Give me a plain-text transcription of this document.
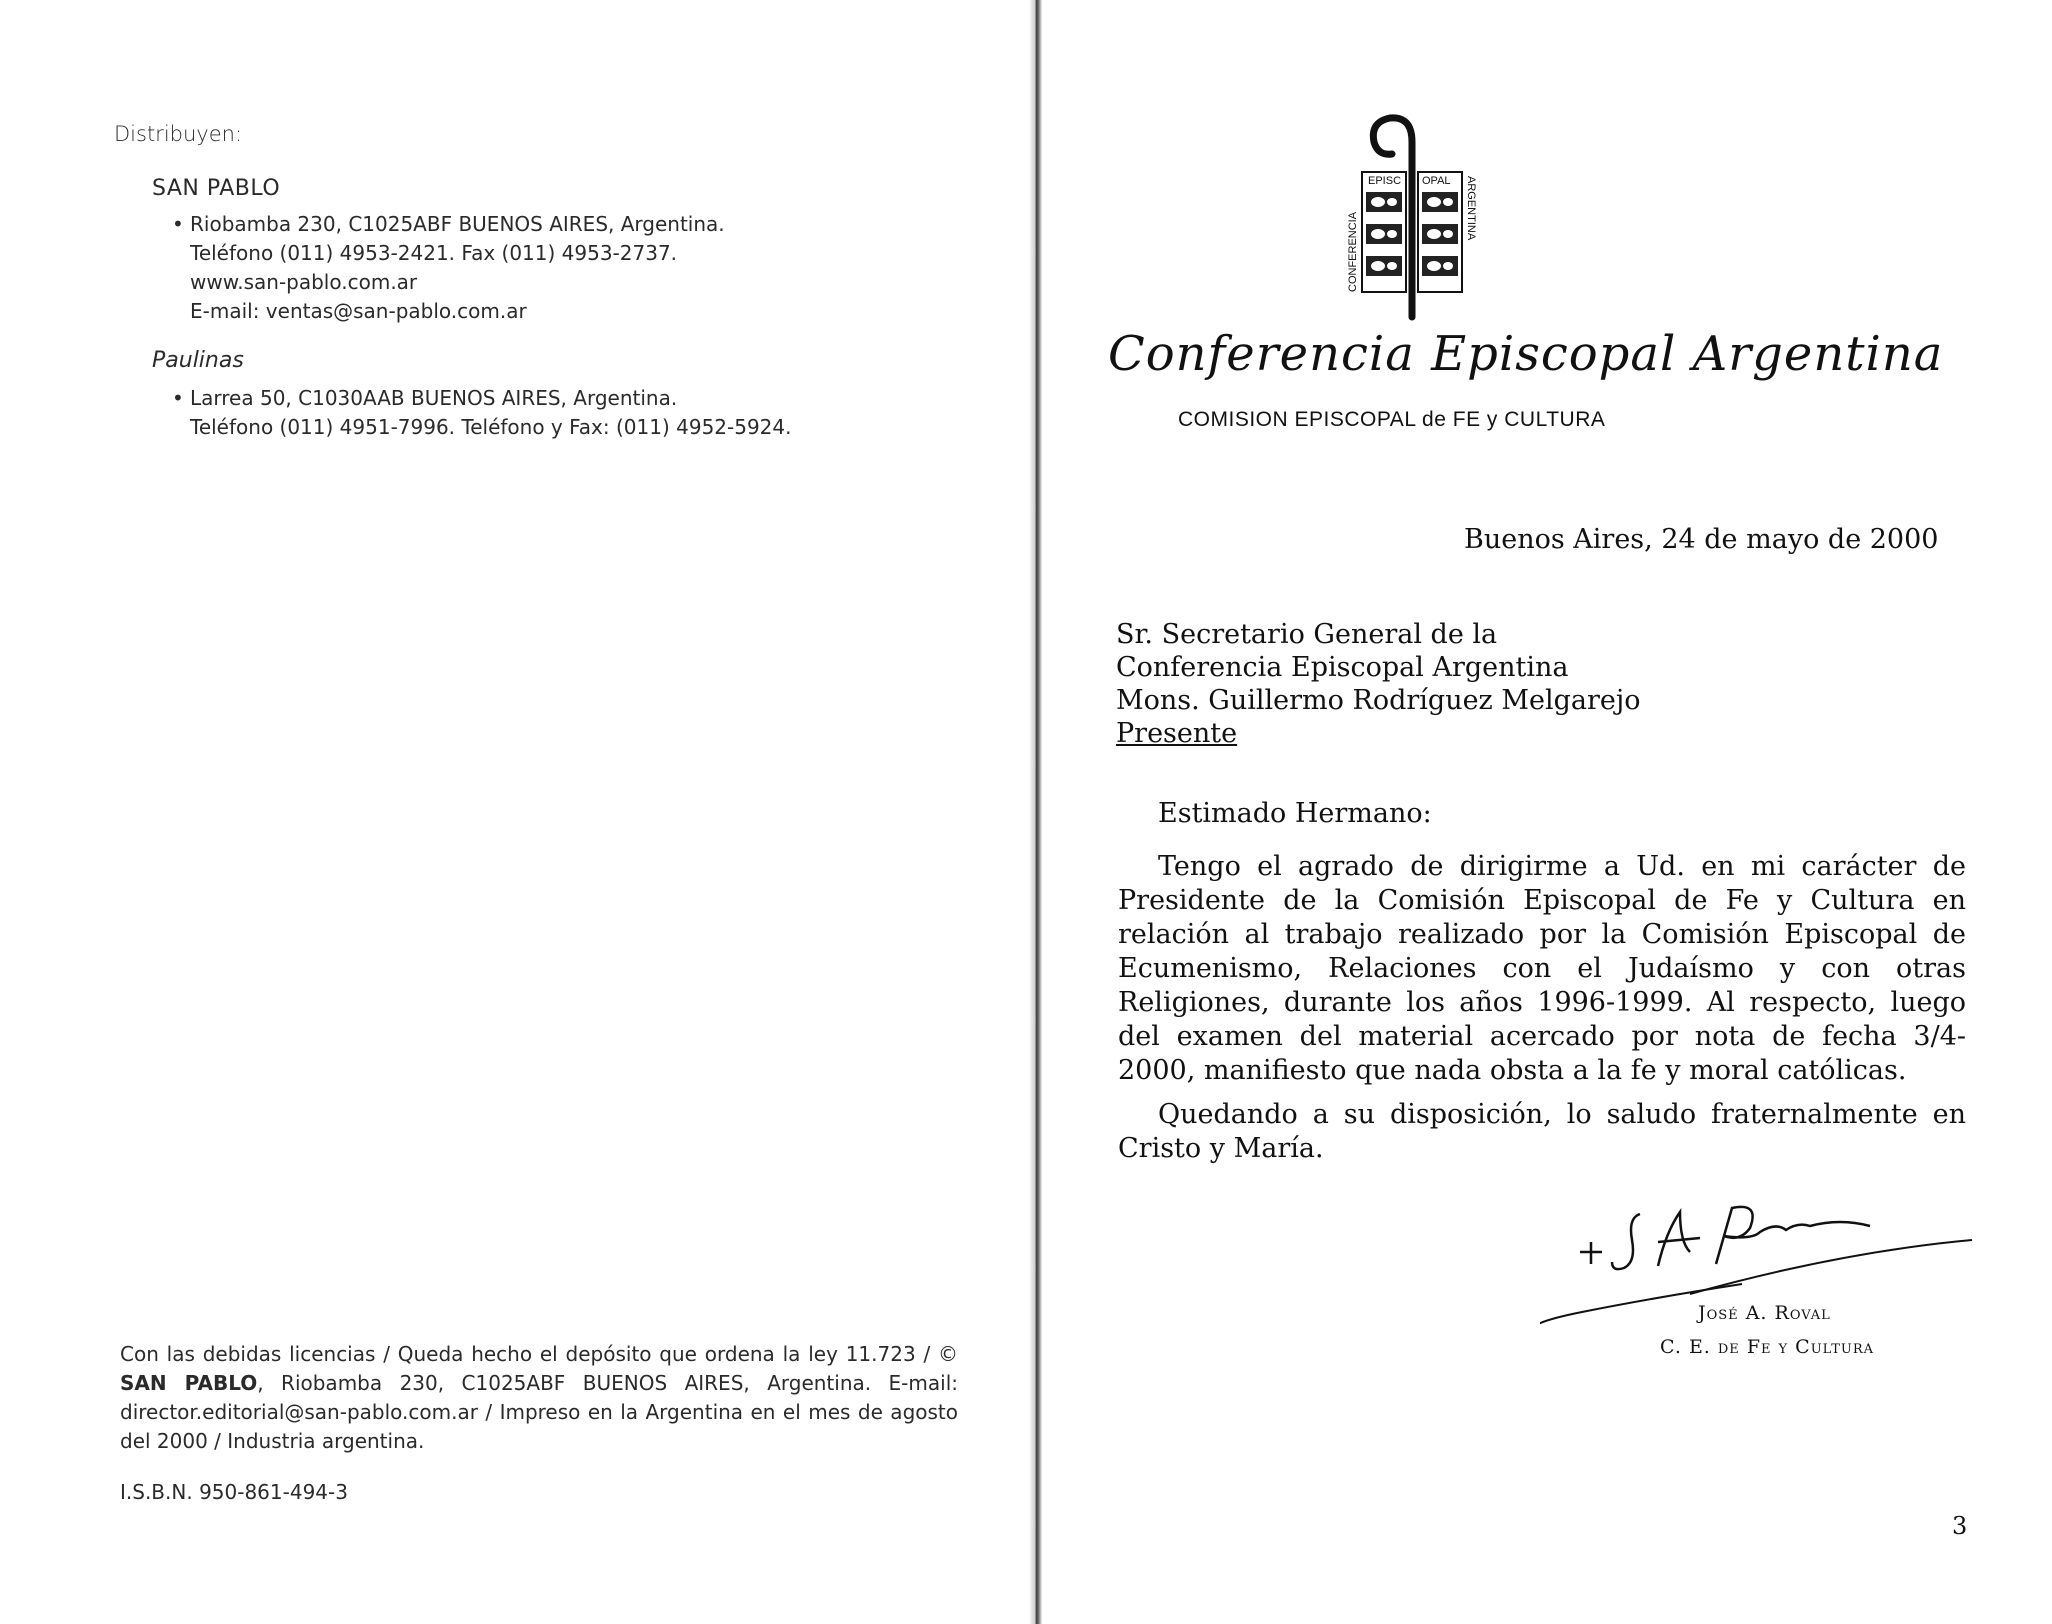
Distribuyen:
SAN PABLO
• Riobamba 230, C1025ABF BUENOS AIRES, Argentina.
Teléfono (011) 4953-2421. Fax (011) 4953-2737.
www.san-pablo.com.ar
E-mail: ventas@san-pablo.com.ar
Paulinas
• Larrea 50, C1030AAB BUENOS AIRES, Argentina.
Teléfono (011) 4951-7996. Teléfono y Fax: (011) 4952-5924.
Con las debidas licencias / Queda hecho el depósito que ordena la ley 11.723 / © SAN PABLO, Riobamba 230, C1025ABF BUENOS AIRES, Argentina. E-mail: director.editorial@san-pablo.com.ar / Impreso en la Argentina en el mes de agosto del 2000 / Industria argentina.
I.S.B.N. 950-861-494-3
EPISC OPAL
CONFERENCIA
ARGENTINA
Conferencia Episcopal Argentina
COMISION EPISCOPAL de FE y CULTURA
Buenos Aires, 24 de mayo de 2000
Sr. Secretario General de la
Conferencia Episcopal Argentina
Mons. Guillermo Rodríguez Melgarejo
Presente
Estimado Hermano:
Tengo el agrado de dirigirme a Ud. en mi carácter de Presidente de la Comisión Episcopal de Fe y Cultura en relación al trabajo realizado por la Comisión Episcopal de Ecumenismo, Relaciones con el Judaísmo y con otras Religiones, durante los años 1996-1999. Al respecto, luego del examen del material acercado por nota de fecha 3/4-2000, manifiesto que nada obsta a la fe y moral católicas.
Quedando a su disposición, lo saludo fraternalmente en Cristo y María.
José A. Roval
C. E. de Fe y Cultura
3
